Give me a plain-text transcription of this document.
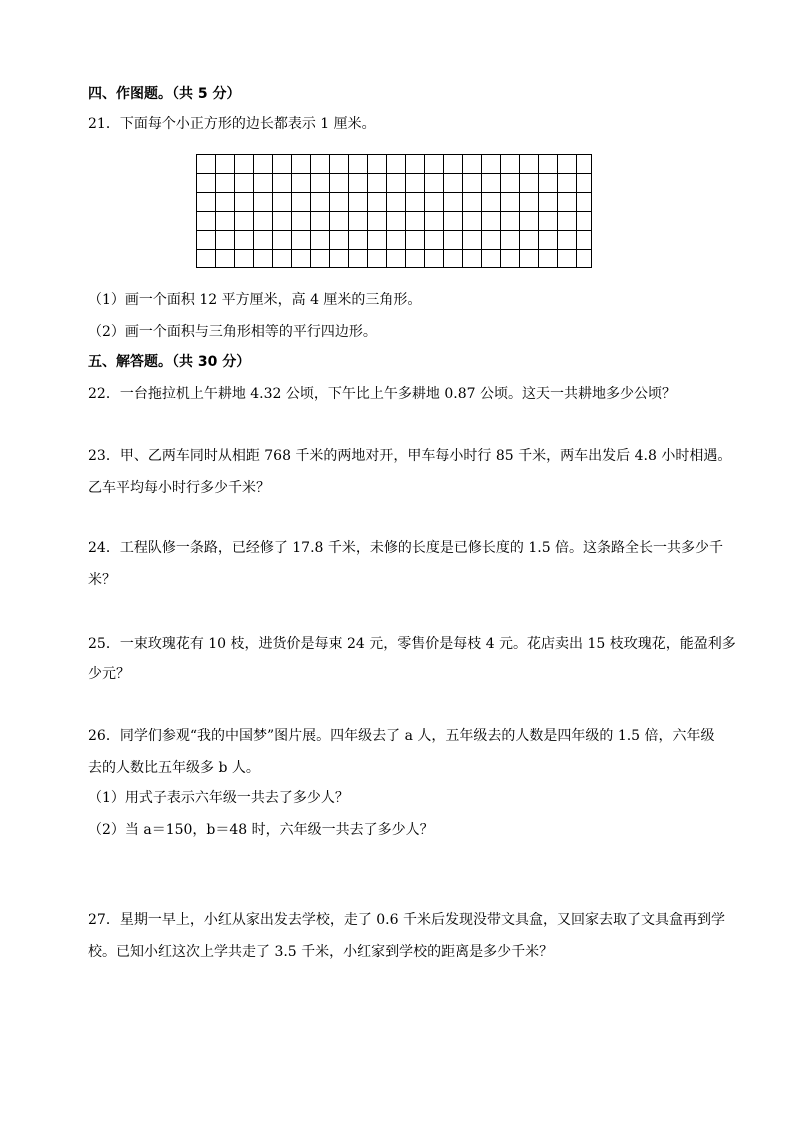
四、作图题。（共 5 分）
21．下面每个小正方形的边长都表示 1 厘米。
（1）画一个面积 12 平方厘米，高 4 厘米的三角形。
（2）画一个面积与三角形相等的平行四边形。
五、解答题。（共 30 分）
22．一台拖拉机上午耕地 4.32 公顷，下午比上午多耕地 0.87 公顷。这天一共耕地多少公顷？
23．甲、乙两车同时从相距 768 千米的两地对开，甲车每小时行 85 千米，两车出发后 4.8 小时相遇。
乙车平均每小时行多少千米？
24．工程队修一条路，已经修了 17.8 千米，未修的长度是已修长度的 1.5 倍。这条路全长一共多少千
米？
25．一束玫瑰花有 10 枝，进货价是每束 24 元，零售价是每枝 4 元。花店卖出 15 枝玫瑰花，能盈利多
少元？
26．同学们参观“我的中国梦”图片展。四年级去了 a 人，五年级去的人数是四年级的 1.5 倍，六年级
去的人数比五年级多 b 人。
（1）用式子表示六年级一共去了多少人？
（2）当 a＝150，b＝48 时，六年级一共去了多少人？
27．星期一早上，小红从家出发去学校，走了 0.6 千米后发现没带文具盒，又回家去取了文具盒再到学
校。已知小红这次上学共走了 3.5 千米，小红家到学校的距离是多少千米？
